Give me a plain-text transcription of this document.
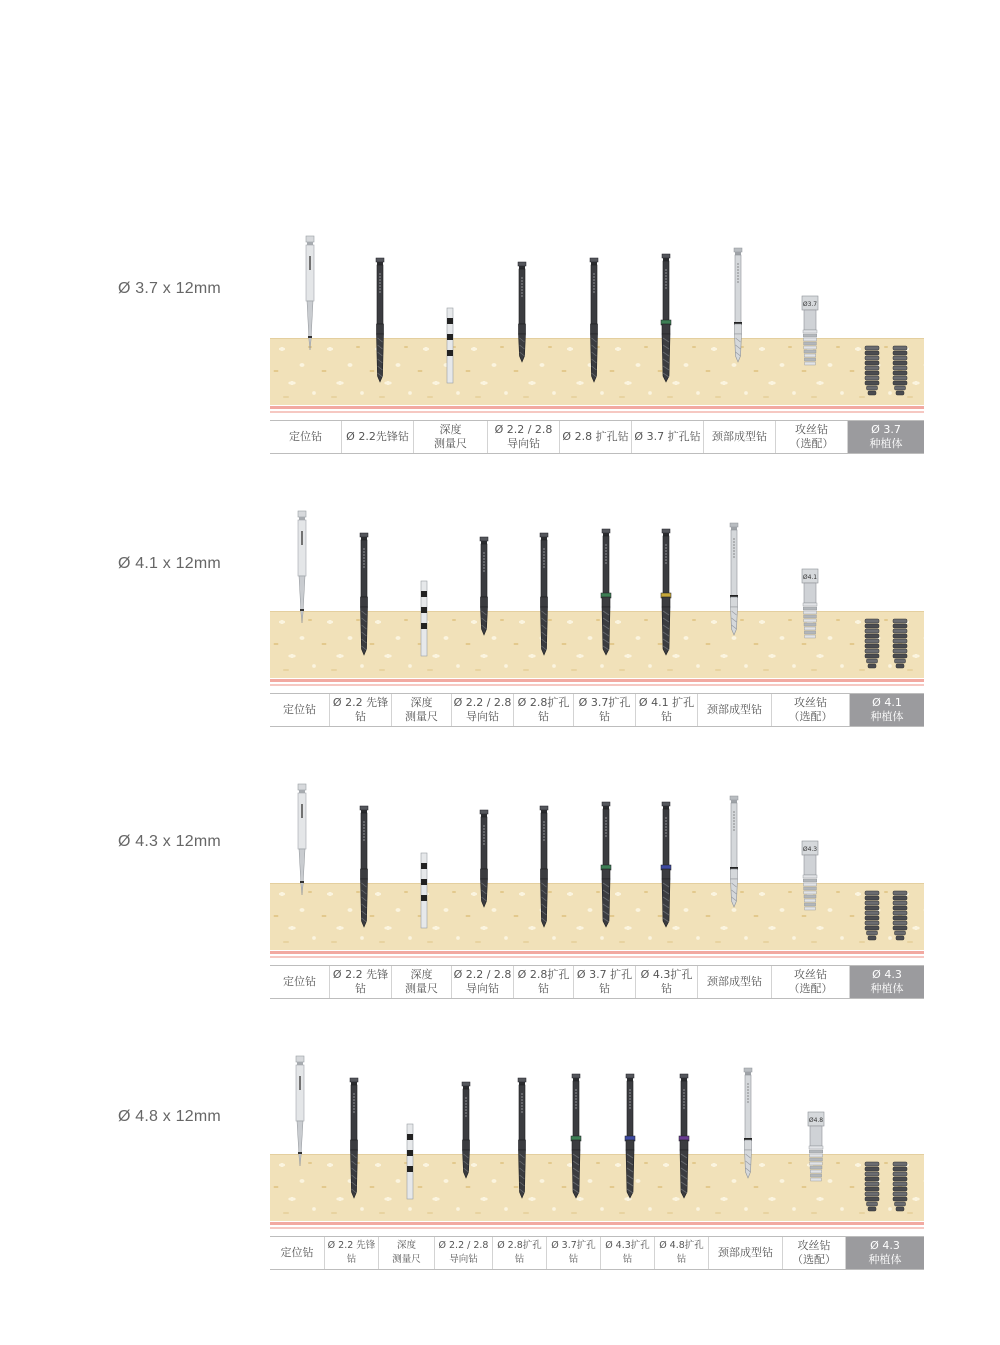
Ø 3.7 x 12mm
Ø3.7
定位钻 Ø 2.2先锋钻
深度
测量尺
Ø 2.2 / 2.8
导向钻
Ø 2.8 扩孔钻 Ø 3.7 扩孔钻 颈部成型钻
攻丝钻
（选配）
Ø 3.7
种植体
Ø 4.1 x 12mm
Ø4.1
定位钻
Ø 2.2 先锋钻
深度
测量尺
Ø 2.2 / 2.8
导向钻
Ø 2.8扩孔钻
Ø 3.7扩孔钻
Ø 4.1 扩孔钻
颈部成型钻
攻丝钻
（选配）
Ø 4.1
种植体
Ø 4.3 x 12mm	Ø4.3
定位钻
Ø 2.2 先锋钻
深度
测量尺
Ø 2.2 / 2.8
导向钻
Ø 2.8扩孔钻
Ø 3.7 扩孔钻
Ø 4.3扩孔钻
颈部成型钻
攻丝钻
（选配）
Ø 4.3
种植体
Ø 4.8 x 12mm	Ø4.8
定位钻
Ø 2.2 先锋钻
深度
测量尺
Ø 2.2 / 2.8
导向钻
Ø 2.8扩孔钻
Ø 3.7扩孔钻
Ø 4.3扩孔钻
Ø 4.8扩孔钻
颈部成型钻
攻丝钻
（选配）
Ø 4.3
种植体
